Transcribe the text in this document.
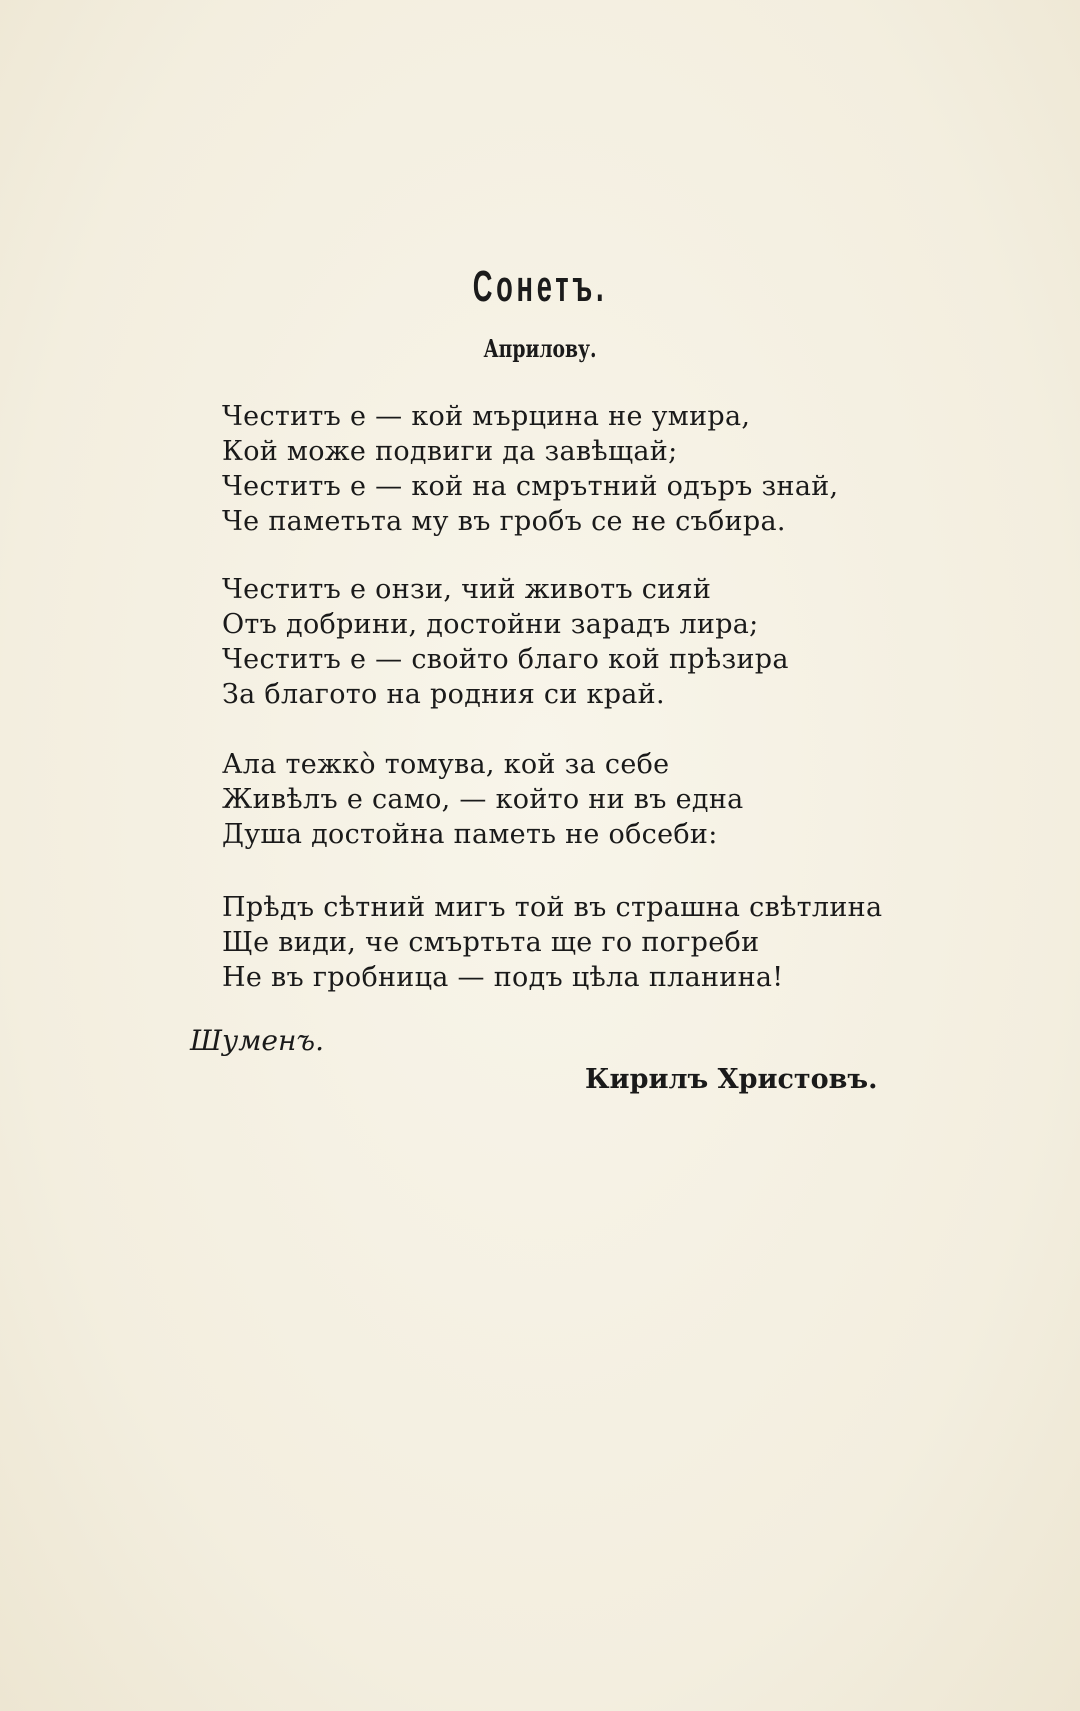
Сонетъ.
Априлову.
Честитъ е — кой мърцина не умира,
Кой може подвиги да завѣщай;
Честитъ е — кой на смрътний одъръ знай,
Че паметьта му въ гробъ се не събира.
Честитъ е онзи, чий животъ сияй
Отъ добрини, достойни зарадъ лира;
Честитъ е — свойто благо кой прѣзира
За благото на родния си край.
Ала тежкò томува, кой за себе
Живѣлъ е само, — който ни въ една
Душа достойна паметь не обсеби:
Прѣдъ сѣтний мигъ той въ страшна свѣтлина
Ще види, че смъртьта ще го погреби
Не въ гробница — подъ цѣла планина!
Шуменъ.
Кирилъ Христовъ.
